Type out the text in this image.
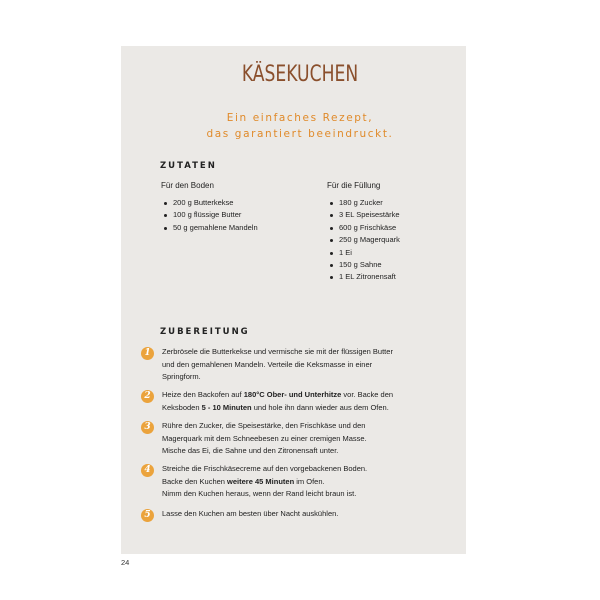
KÄSEKUCHEN
Ein einfaches Rezept,
das garantiert beeindruckt.
ZUTATEN
Für den Boden	Für die Füllung
200 g Butterkekse
100 g flüssige Butter
50 g gemahlene Mandeln
180 g Zucker
3 EL Speisestärke
600 g Frischkäse
250 g Magerquark
1 Ei
150 g Sahne
1 EL Zitronensaft
ZUBEREITUNG
1	Zerbrösele die Butterkekse und vermische sie mit der flüssigen Butter
und den gemahlenen Mandeln. Verteile die Keksmasse in einer
Springform.
2	Heize den Backofen auf 180°C Ober- und Unterhitze vor. Backe den
Keksboden 5 - 10 Minuten und hole ihn dann wieder aus dem Ofen.
3	Rühre den Zucker, die Speisestärke, den Frischkäse und den
Magerquark mit dem Schneebesen zu einer cremigen Masse.
Mische das Ei, die Sahne und den Zitronensaft unter.
4	Streiche die Frischkäsecreme auf den vorgebackenen Boden.
Backe den Kuchen weitere 45 Minuten im Ofen.
Nimm den Kuchen heraus, wenn der Rand leicht braun ist.
5	Lasse den Kuchen am besten über Nacht auskühlen.
24
